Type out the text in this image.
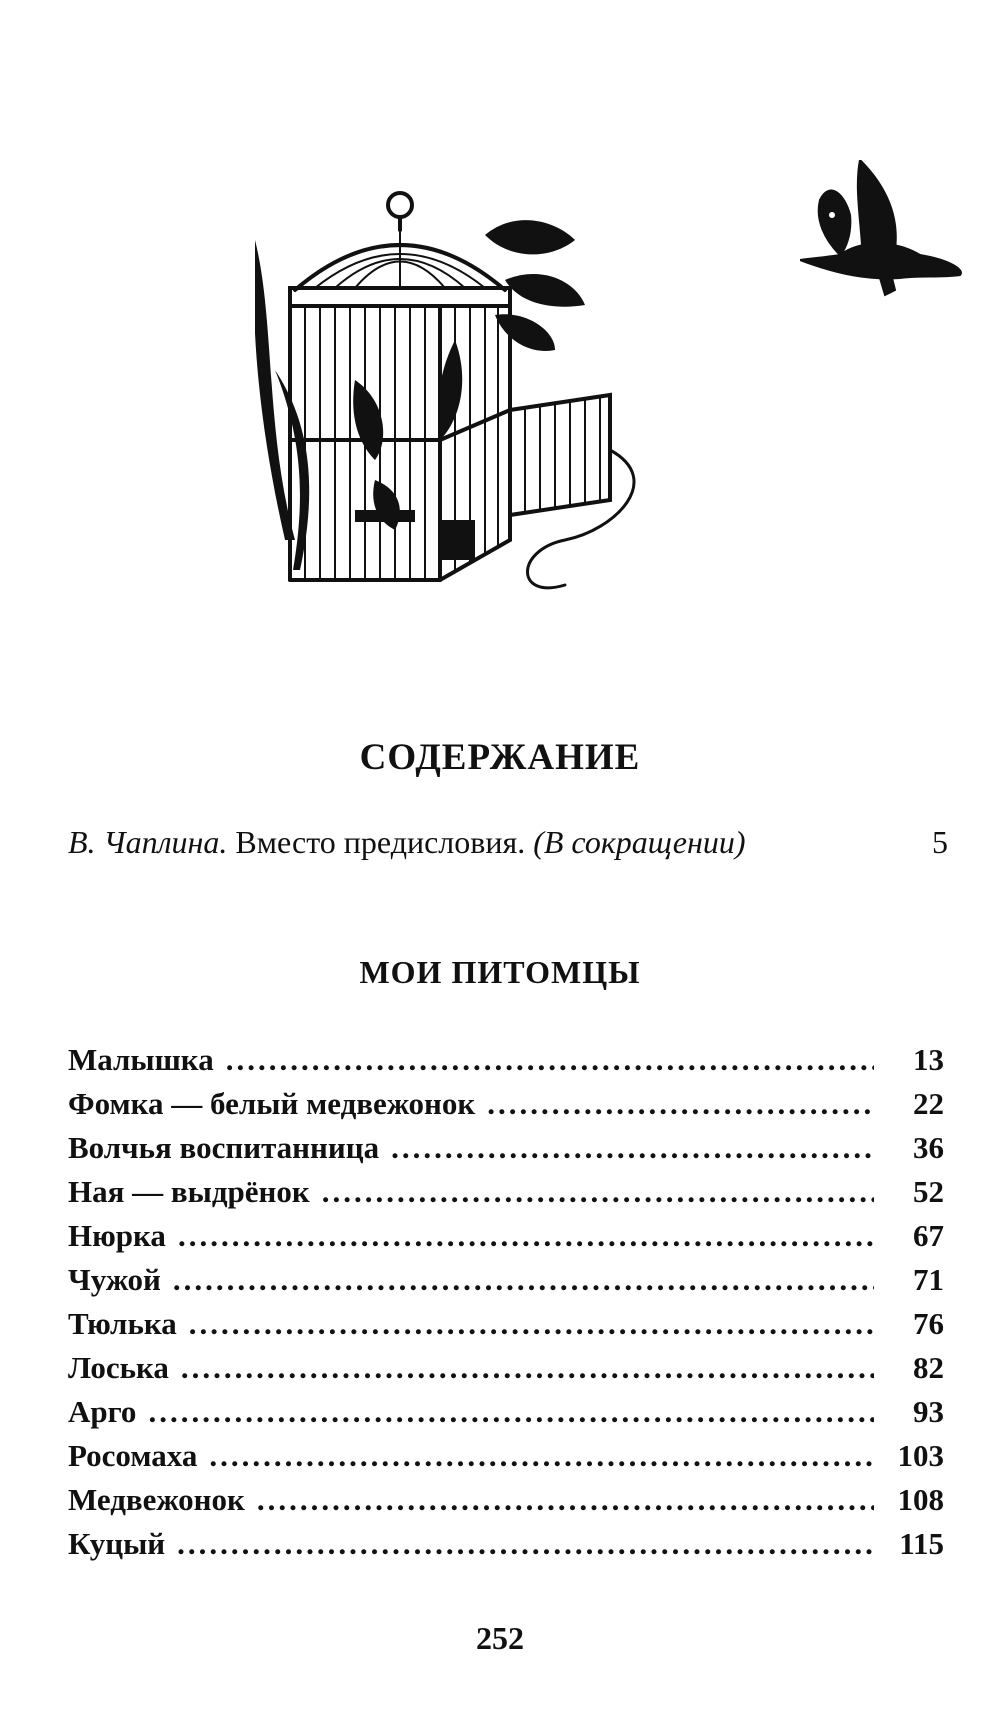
СОДЕРЖАНИЕ
В. Чаплина. Вместо предисловия. (В сокращении)	5
МОИ ПИТОМЦЫ
Малышка .....	13
Фомка — белый медвежонок .....	22
Волчья воспитанница .....	36
Ная — выдрёнок .....	52
Нюрка .....	67
Чужой .....	71
Тюлька .....	76
Лоська .....	82
Арго .....	93
Росомаха .....	103
Медвежонок .....	108
Куцый .....	115
252
